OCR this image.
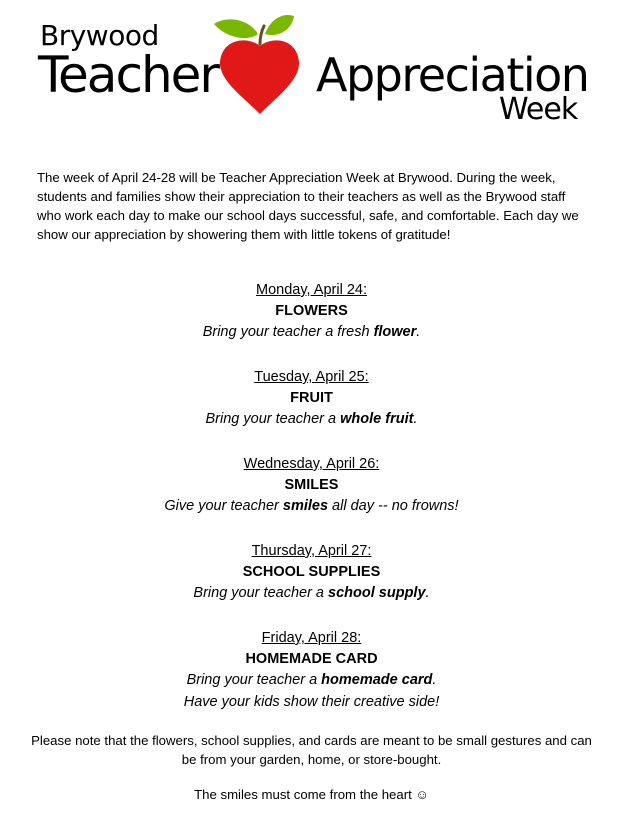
Brywood
Teacher Appreciation
Week

The week of April 24-28 will be Teacher Appreciation Week at Brywood. During the week, students and families show their appreciation to their teachers as well as the Brywood staff who work each day to make our school days successful, safe, and comfortable. Each day we show our appreciation by showering them with little tokens of gratitude!

Monday, April 24:
FLOWERS
Bring your teacher a fresh flower.
Tuesday, April 25:
FRUIT
Bring your teacher a whole fruit.
Wednesday, April 26:
SMILES
Give your teacher smiles all day -- no frowns!
Thursday, April 27:
SCHOOL SUPPLIES
Bring your teacher a school supply.
Friday, April 28:
HOMEMADE CARD
Bring your teacher a homemade card.
Have your kids show their creative side!

Please note that the flowers, school supplies, and cards are meant to be small gestures and can be from your garden, home, or store-bought.

The smiles must come from the heart ☺
